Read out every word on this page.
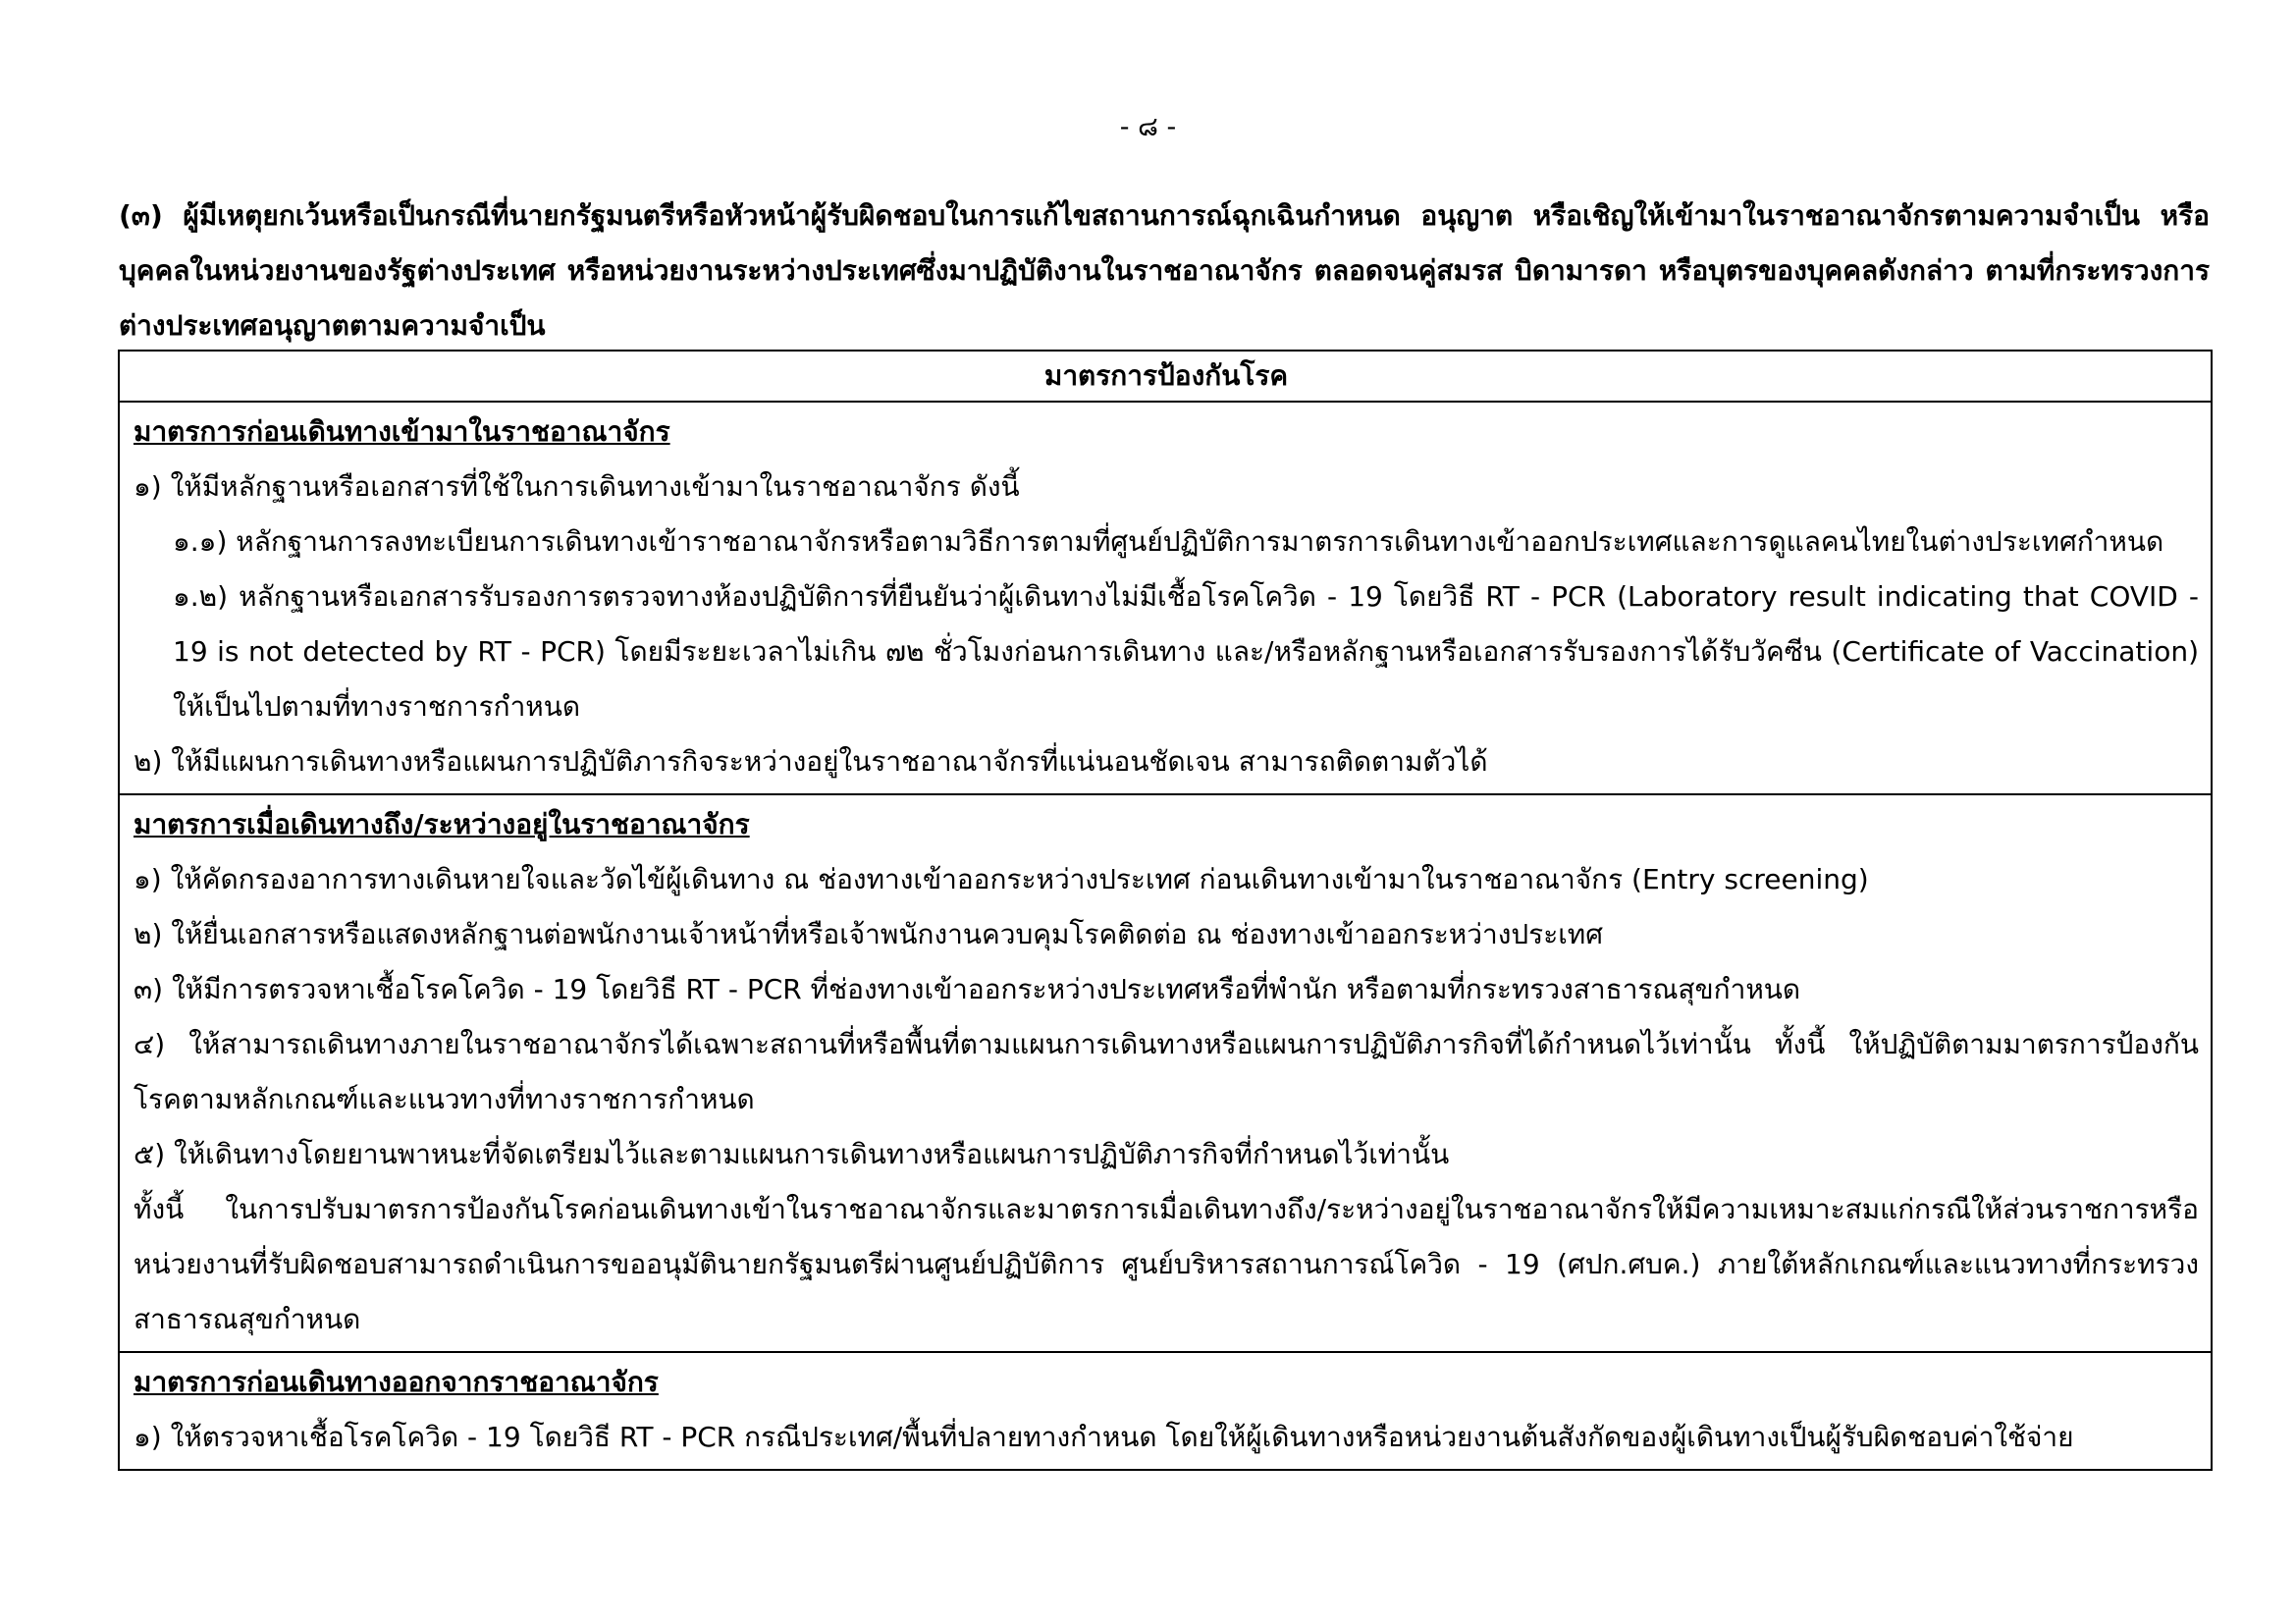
- ๘ -
(๓) ผู้มีเหตุยกเว้นหรือเป็นกรณีที่นายกรัฐมนตรีหรือหัวหน้าผู้รับผิดชอบในการแก้ไขสถานการณ์ฉุกเฉินกำหนด อนุญาต หรือเชิญให้เข้ามาในราชอาณาจักรตามความจำเป็น หรือบุคคลในหน่วยงานของรัฐต่างประเทศ หรือหน่วยงานระหว่างประเทศซึ่งมาปฏิบัติงานในราชอาณาจักร ตลอดจนคู่สมรส บิดามารดา หรือบุตรของบุคคลดังกล่าว ตามที่กระทรวงการต่างประเทศอนุญาตตามความจำเป็น
มาตรการป้องกันโรค

มาตรการก่อนเดินทางเข้ามาในราชอาณาจักร
๑) ให้มีหลักฐานหรือเอกสารที่ใช้ในการเดินทางเข้ามาในราชอาณาจักร ดังนี้
๑.๑) หลักฐานการลงทะเบียนการเดินทางเข้าราชอาณาจักรหรือตามวิธีการตามที่ศูนย์ปฏิบัติการมาตรการเดินทางเข้าออกประเทศและการดูแลคนไทยในต่างประเทศกำหนด
๑.๒) หลักฐานหรือเอกสารรับรองการตรวจทางห้องปฏิบัติการที่ยืนยันว่าผู้เดินทางไม่มีเชื้อโรคโควิด - 19 โดยวิธี RT - PCR (Laboratory result indicating that COVID - 19 is not detected by RT - PCR) โดยมีระยะเวลาไม่เกิน ๗๒ ชั่วโมงก่อนการเดินทาง และ/หรือหลักฐานหรือเอกสารรับรองการได้รับวัคซีน (Certificate of Vaccination) ให้เป็นไปตามที่ทางราชการกำหนด
๒) ให้มีแผนการเดินทางหรือแผนการปฏิบัติภารกิจระหว่างอยู่ในราชอาณาจักรที่แน่นอนชัดเจน สามารถติดตามตัวได้

มาตรการเมื่อเดินทางถึง/ระหว่างอยู่ในราชอาณาจักร
๑) ให้คัดกรองอาการทางเดินหายใจและวัดไข้ผู้เดินทาง ณ ช่องทางเข้าออกระหว่างประเทศ ก่อนเดินทางเข้ามาในราชอาณาจักร (Entry screening)
๒) ให้ยื่นเอกสารหรือแสดงหลักฐานต่อพนักงานเจ้าหน้าที่หรือเจ้าพนักงานควบคุมโรคติดต่อ ณ ช่องทางเข้าออกระหว่างประเทศ
๓) ให้มีการตรวจหาเชื้อโรคโควิด - 19 โดยวิธี RT - PCR ที่ช่องทางเข้าออกระหว่างประเทศหรือที่พำนัก หรือตามที่กระทรวงสาธารณสุขกำหนด
๔) ให้สามารถเดินทางภายในราชอาณาจักรได้เฉพาะสถานที่หรือพื้นที่ตามแผนการเดินทางหรือแผนการปฏิบัติภารกิจที่ได้กำหนดไว้เท่านั้น ทั้งนี้ ให้ปฏิบัติตามมาตรการป้องกันโรคตามหลักเกณฑ์และแนวทางที่ทางราชการกำหนด
๕) ให้เดินทางโดยยานพาหนะที่จัดเตรียมไว้และตามแผนการเดินทางหรือแผนการปฏิบัติภารกิจที่กำหนดไว้เท่านั้น
ทั้งนี้ ในการปรับมาตรการป้องกันโรคก่อนเดินทางเข้าในราชอาณาจักรและมาตรการเมื่อเดินทางถึง/ระหว่างอยู่ในราชอาณาจักรให้มีความเหมาะสมแก่กรณีให้ส่วนราชการหรือหน่วยงานที่รับผิดชอบสามารถดำเนินการขออนุมัตินายกรัฐมนตรีผ่านศูนย์ปฏิบัติการ ศูนย์บริหารสถานการณ์โควิด - 19 (ศปก.ศบค.) ภายใต้หลักเกณฑ์และแนวทางที่กระทรวงสาธารณสุขกำหนด

มาตรการก่อนเดินทางออกจากราชอาณาจักร
๑) ให้ตรวจหาเชื้อโรคโควิด - 19 โดยวิธี RT - PCR กรณีประเทศ/พื้นที่ปลายทางกำหนด โดยให้ผู้เดินทางหรือหน่วยงานต้นสังกัดของผู้เดินทางเป็นผู้รับผิดชอบค่าใช้จ่าย
